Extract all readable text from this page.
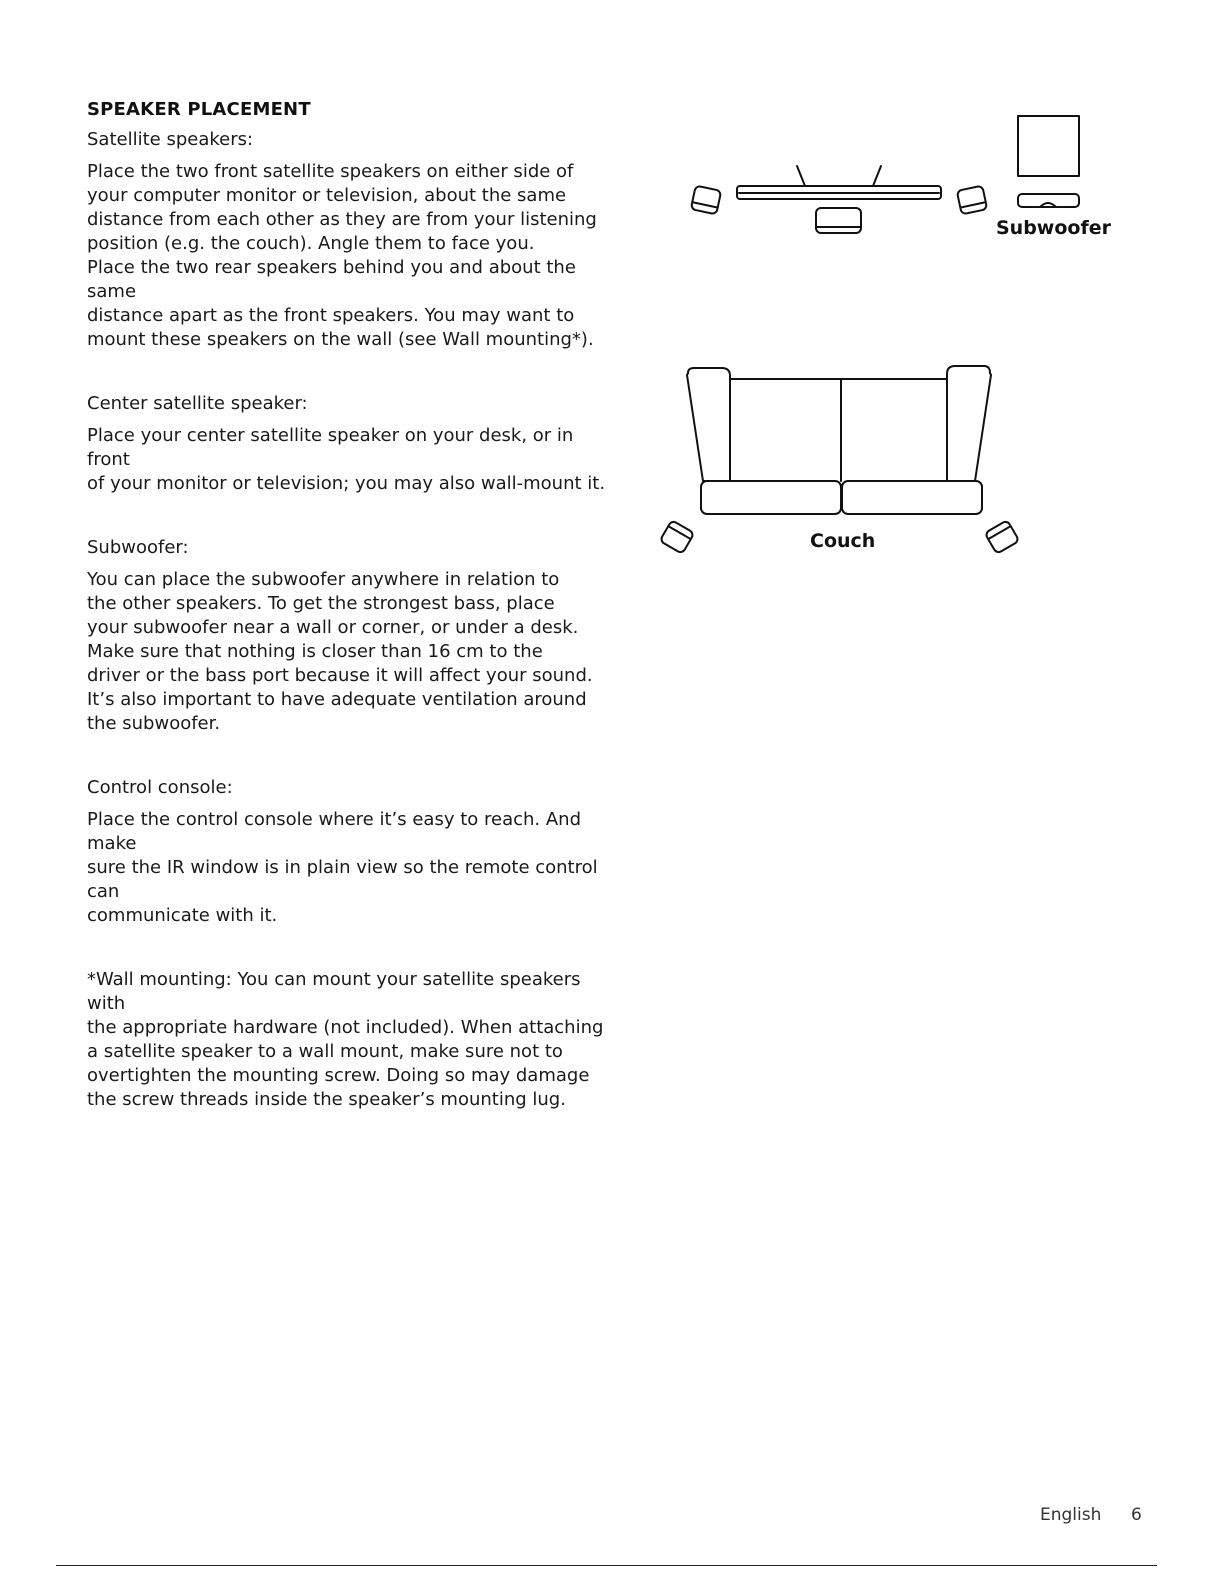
SPEAKER PLACEMENT

Satellite speakers:

Place the two front satellite speakers on either side of
your computer monitor or television, about the same
distance from each other as they are from your listening
position (e.g. the couch). Angle them to face you.
Place the two rear speakers behind you and about the same
distance apart as the front speakers. You may want to
mount these speakers on the wall (see Wall mounting*).

Center satellite speaker:

Place your center satellite speaker on your desk, or in front
of your monitor or television; you may also wall-mount it.

Subwoofer:

You can place the subwoofer anywhere in relation to
the other speakers. To get the strongest bass, place
your subwoofer near a wall or corner, or under a desk.
Make sure that nothing is closer than 16 cm to the
driver or the bass port because it will affect your sound.
It’s also important to have adequate ventilation around
the subwoofer.

Control console:

Place the control console where it’s easy to reach. And make
sure the IR window is in plain view so the remote control can
communicate with it.

*Wall mounting: You can mount your satellite speakers with
the appropriate hardware (not included). When attaching
a satellite speaker to a wall mount, make sure not to
overtighten the mounting screw. Doing so may damage
the screw threads inside the speaker’s mounting lug.

Subwoofer
Couch
English 6
